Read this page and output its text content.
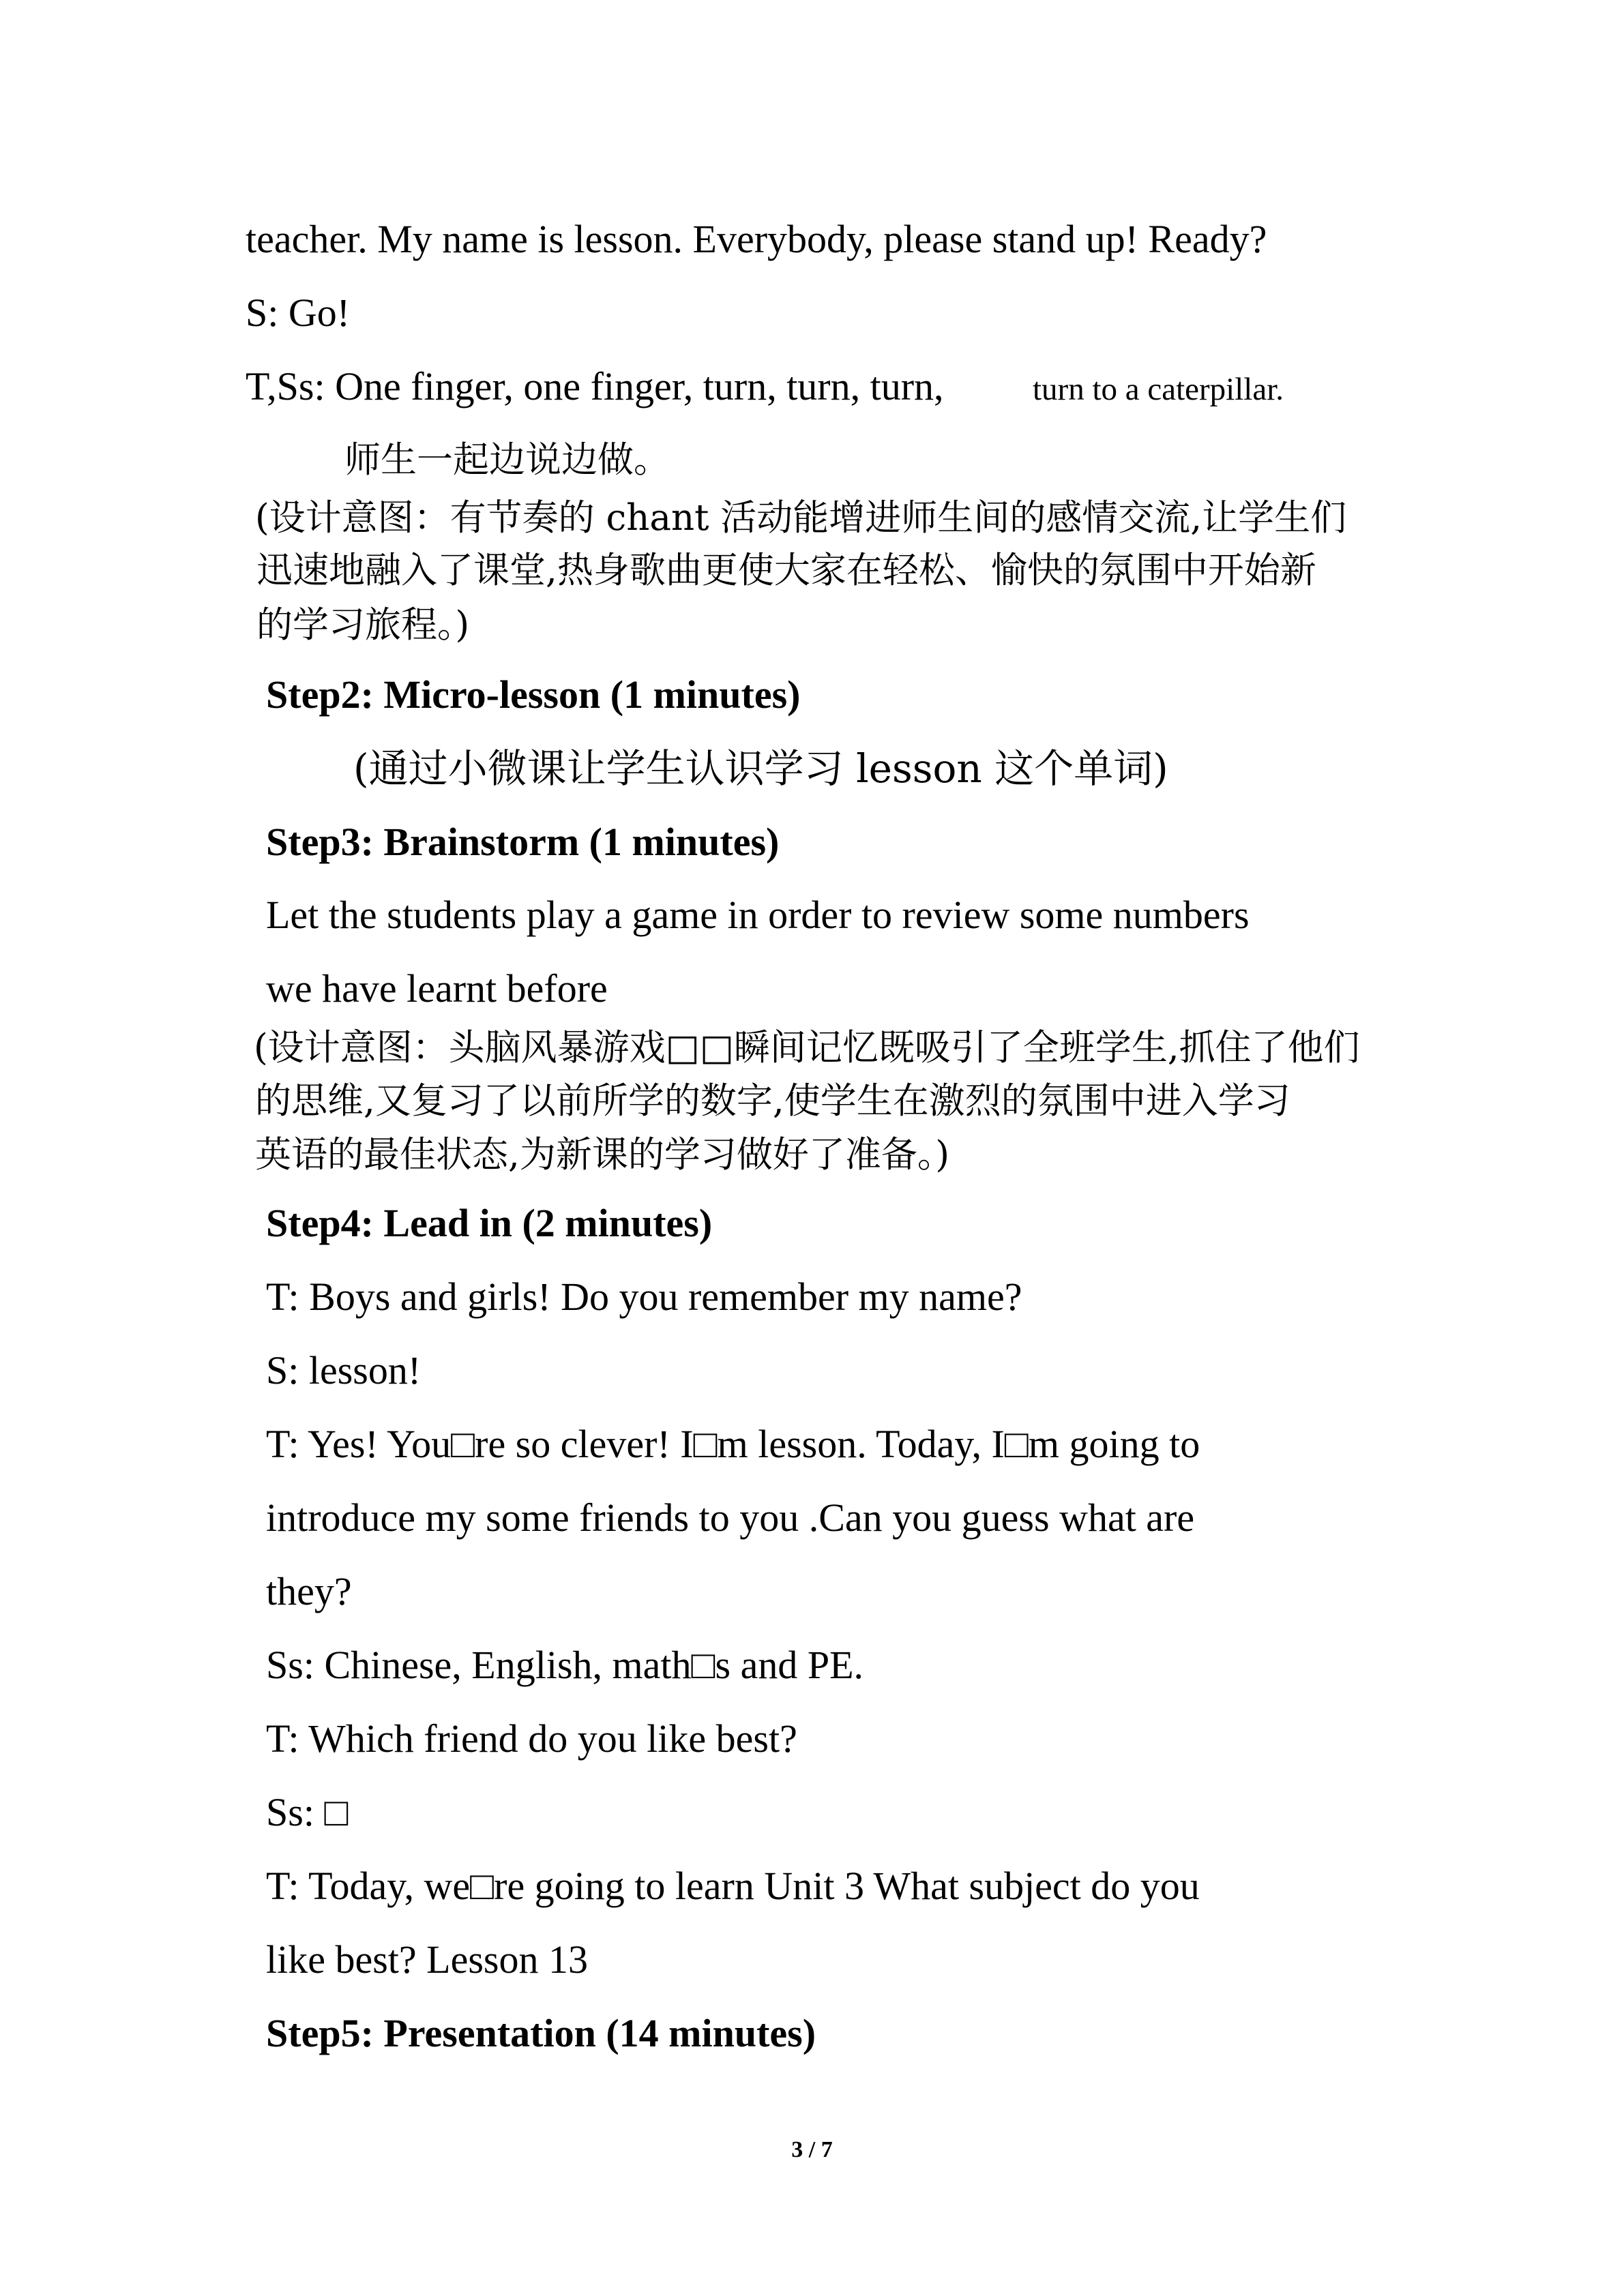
teacher. My name is lesson. Everybody, please stand up! Ready?
S: Go!
T,Ss: One finger, one finger, turn, turn, turn,	turn to a caterpillar.
师生一起边说边做。
(设计意图：有节奏的 chant 活动能增进师生间的感情交流,让学生们
迅速地融入了课堂,热身歌曲更使大家在轻松、愉快的氛围中开始新
的学习旅程。)
Step2: Micro-lesson (1 minutes)
(通过小微课让学生认识学习 lesson 这个单词)
Step3: Brainstorm (1 minutes)
Let the students play a game in order to review some numbers
we have learnt before
(设计意图：头脑风暴游戏□□瞬间记忆既吸引了全班学生,抓住了他们
的思维,又复习了以前所学的数字,使学生在激烈的氛围中进入学习
英语的最佳状态,为新课的学习做好了准备。)
Step4: Lead in (2 minutes)
T: Boys and girls! Do you remember my name?
S: lesson!
T: Yes! You□re so clever! I□m lesson. Today, I□m going to
introduce my some friends to you .Can you guess what are
they?
Ss: Chinese, English, math□s and PE.
T: Which friend do you like best?
Ss: □
T: Today, we□re going to learn Unit 3 What subject do you
like best? Lesson 13
Step5: Presentation (14 minutes)
3 / 7
